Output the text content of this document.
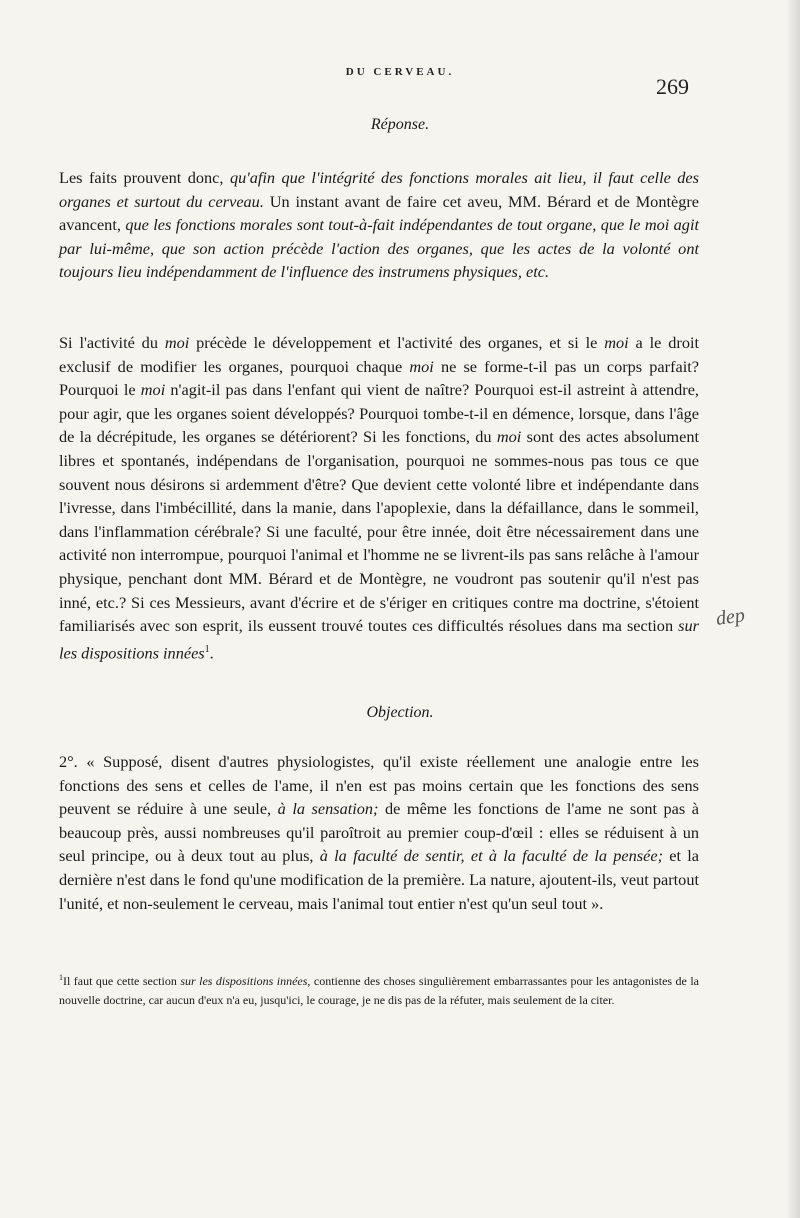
DU CERVEAU.
269
Réponse.
Les faits prouvent donc, qu'afin que l'intégrité des fonctions morales ait lieu, il faut celle des organes et surtout du cerveau. Un instant avant de faire cet aveu, MM. Bérard et de Montègre avancent, que les fonctions morales sont tout-à-fait indépendantes de tout organe, que le moi agit par lui-même, que son action précède l'action des organes, que les actes de la volonté ont toujours lieu indépendamment de l'influence des instrumens physiques, etc.
Si l'activité du moi précède le développement et l'activité des organes, et si le moi a le droit exclusif de modifier les organes, pourquoi chaque moi ne se forme-t-il pas un corps parfait? Pourquoi le moi n'agit-il pas dans l'enfant qui vient de naître? Pourquoi est-il astreint à attendre, pour agir, que les organes soient développés? Pourquoi tombe-t-il en démence, lorsque, dans l'âge de la décrépitude, les organes se détériorent? Si les fonctions, du moi sont des actes absolument libres et spontanés, indépendans de l'organisation, pourquoi ne sommes-nous pas tous ce que souvent nous désirons si ardemment d'être? Que devient cette volonté libre et indépendante dans l'ivresse, dans l'imbécillité, dans la manie, dans l'apoplexie, dans la défaillance, dans le sommeil, dans l'inflammation cérébrale? Si une faculté, pour être innée, doit être nécessairement dans une activité non interrompue, pourquoi l'animal et l'homme ne se livrent-ils pas sans relâche à l'amour physique, penchant dont MM. Bérard et de Montègre, ne voudront pas soutenir qu'il n'est pas inné, etc.? Si ces Messieurs, avant d'écrire et de s'ériger en critiques contre ma doctrine, s'étoient familiarisés avec son esprit, ils eussent trouvé toutes ces difficultés résolues dans ma section sur les dispositions innées$^1$.
dep
Objection.
2°. « Supposé, disent d'autres physiologistes, qu'il existe réellement une analogie entre les fonctions des sens et celles de l'ame, il n'en est pas moins certain que les fonctions des sens peuvent se réduire à une seule, à la sensation; de même les fonctions de l'ame ne sont pas à beaucoup près, aussi nombreuses qu'il paroîtroit au premier coup-d'œil : elles se réduisent à un seul principe, ou à deux tout au plus, à la faculté de sentir, et à la faculté de la pensée; et la dernière n'est dans le fond qu'une modification de la première. La nature, ajoutent-ils, veut partout l'unité, et non-seulement le cerveau, mais l'animal tout entier n'est qu'un seul tout ».
$^1$Il faut que cette section sur les dispositions innées, contienne des choses singulièrement embarrassantes pour les antagonistes de la nouvelle doctrine, car aucun d'eux n'a eu, jusqu'ici, le courage, je ne dis pas de la réfuter, mais seulement de la citer.
